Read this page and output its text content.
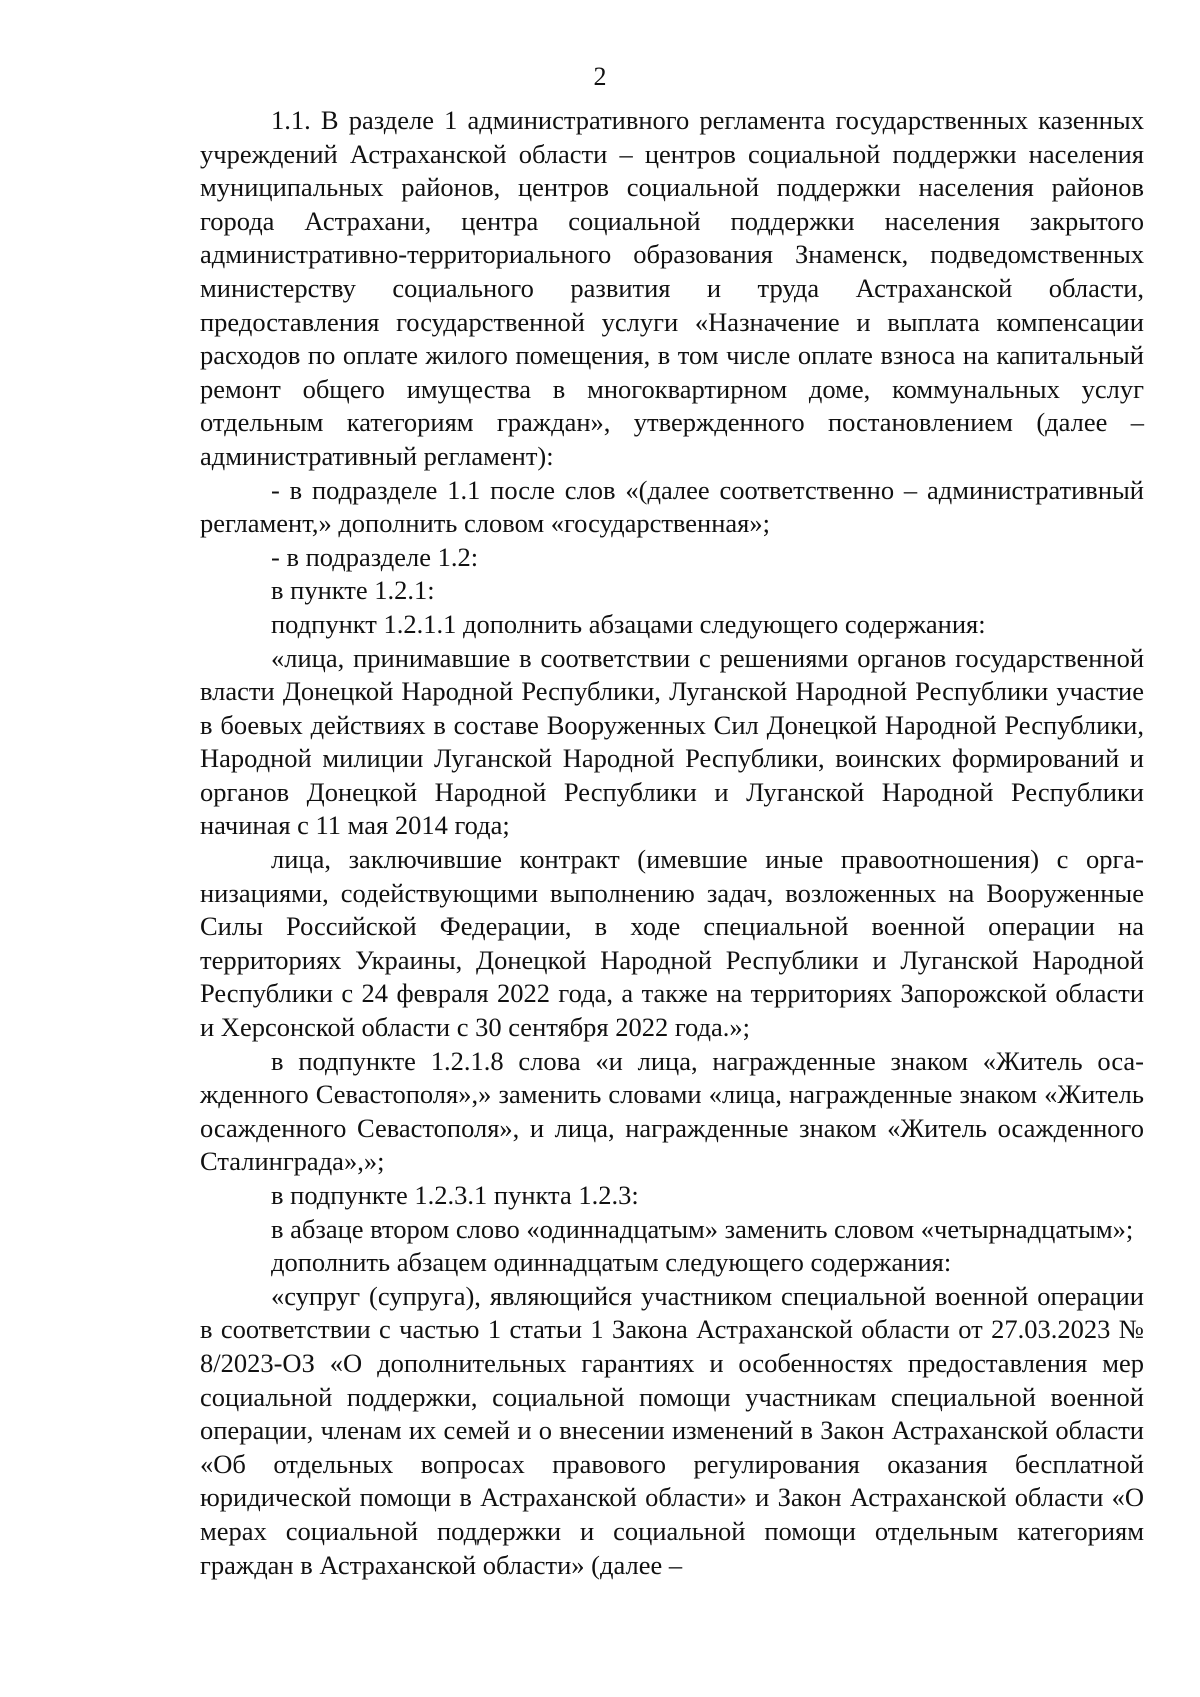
2

1.1. В разделе 1 административного регламента государственных казенных учреждений Астраханской области – центров социальной поддержки населения муниципальных районов, центров социальной поддержки населения районов города Астрахани, центра социальной поддержки населения закрытого административно-территориального образования Знаменск, подведомственных министерству социального развития и труда Астраханской области, предоставления государственной услуги «Назначение и выплата компенсации расходов по оплате жилого помещения, в том числе оплате взноса на капитальный ремонт общего имущества в многоквартирном доме, коммунальных услуг отдельным категориям граждан», утвержденного постановлением (далее – административный регламент):

- в подразделе 1.1 после слов «(далее соответственно – административный регламент,» дополнить словом «государственная»;

- в подразделе 1.2:

в пункте 1.2.1:

подпункт 1.2.1.1 дополнить абзацами следующего содержания:

«лица, принимавшие в соответствии с решениями органов государственной власти Донецкой Народной Республики, Луганской Народной Республики участие в боевых действиях в составе Вооруженных Сил Донецкой Народной Республики, Народной милиции Луганской Народной Республики, воинских формирований и органов Донецкой Народной Республики и Луганской Народной Республики начиная с 11 мая 2014 года;

лица, заключившие контракт (имевшие иные правоотношения) с организациями, содействующими выполнению задач, возложенных на Вооруженные Силы Российской Федерации, в ходе специальной военной операции на территориях Украины, Донецкой Народной Республики и Луганской Народной Республики с 24 февраля 2022 года, а также на территориях Запорожской области и Херсонской области с 30 сентября 2022 года.»;

в подпункте 1.2.1.8 слова «и лица, награжденные знаком «Житель осажденного Севастополя»,» заменить словами «лица, награжденные знаком «Житель осажденного Севастополя», и лица, награжденные знаком «Житель осажденного Сталинграда»,»;

в подпункте 1.2.3.1 пункта 1.2.3:

в абзаце втором слово «одиннадцатым» заменить словом «четырнадцатым»;

дополнить абзацем одиннадцатым следующего содержания:

«супруг (супруга), являющийся участником специальной военной операции в соответствии с частью 1 статьи 1 Закона Астраханской области от 27.03.2023 № 8/2023-ОЗ «О дополнительных гарантиях и особенностях предоставления мер социальной поддержки, социальной помощи участникам специальной военной операции, членам их семей и о внесении изменений в Закон Астраханской области «Об отдельных вопросах правового регулирования оказания бесплатной юридической помощи в Астраханской области» и Закон Астраханской области «О мерах социальной поддержки и социальной помощи отдельным категориям граждан в Астраханской области» (далее –
